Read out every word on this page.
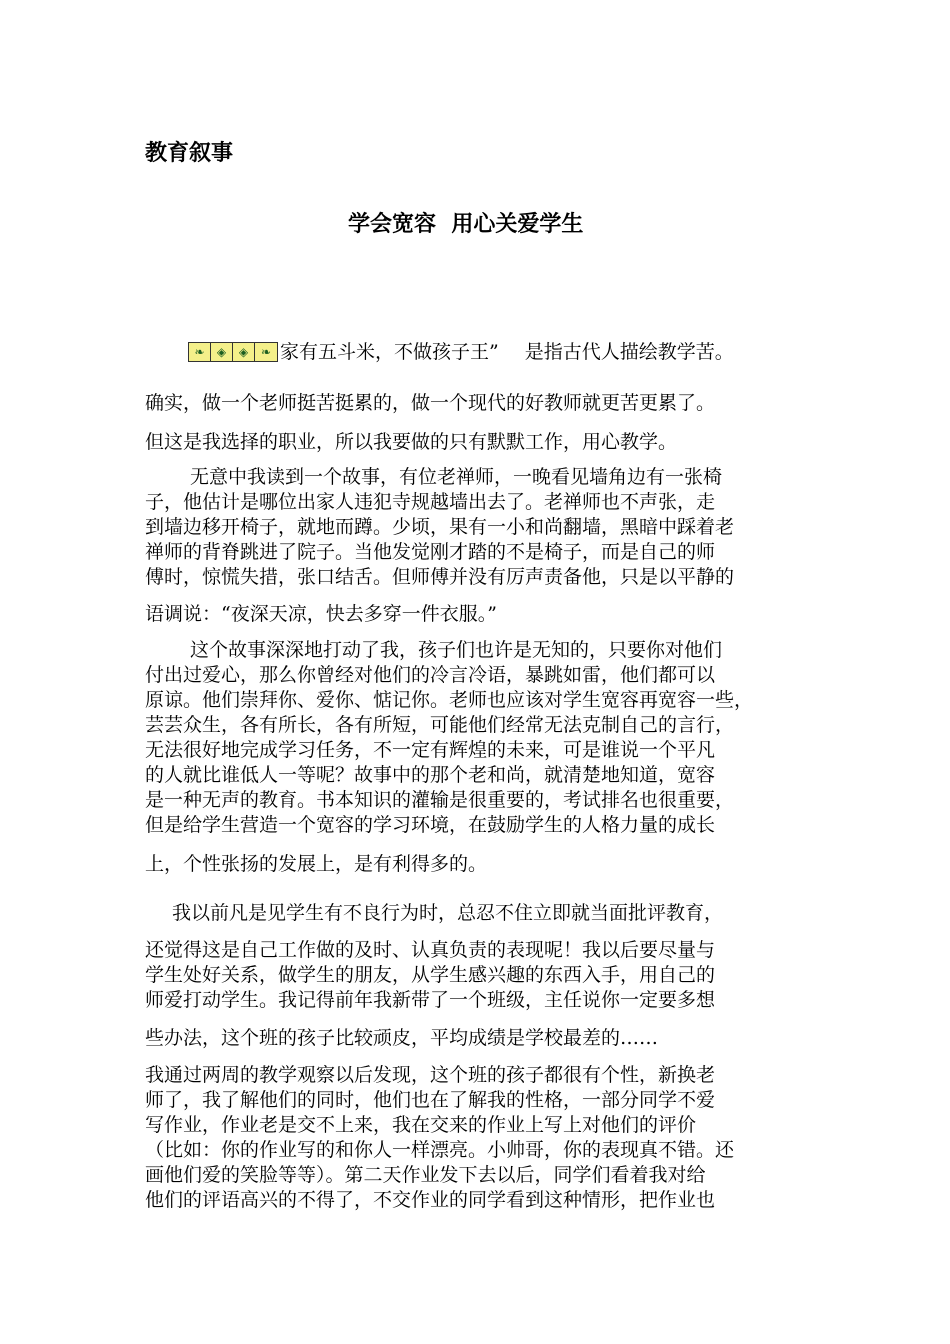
教育叙事
学会宽容  用心关爱学生
❧	◈	◈	❧ 家有五斗米，不做孩子王” 是指古代人描绘教学苦。
确实，做一个老师挺苦挺累的，做一个现代的好教师就更苦更累了。
但这是我选择的职业，所以我要做的只有默默工作，用心教学。
无意中我读到一个故事，有位老禅师，一晚看见墙角边有一张椅
子，他估计是哪位出家人违犯寺规越墙出去了。老禅师也不声张，走
到墙边移开椅子，就地而蹲。少顷，果有一小和尚翻墙，黑暗中踩着老
禅师的背脊跳进了院子。当他发觉刚才踏的不是椅子，而是自己的师
傅时，惊慌失措，张口结舌。但师傅并没有厉声责备他，只是以平静的
语调说：“夜深天凉，快去多穿一件衣服。”
这个故事深深地打动了我，孩子们也许是无知的，只要你对他们
付出过爱心，那么你曾经对他们的冷言冷语，暴跳如雷，他们都可以
原谅。他们崇拜你、爱你、惦记你。老师也应该对学生宽容再宽容一些，
芸芸众生，各有所长，各有所短，可能他们经常无法克制自己的言行，
无法很好地完成学习任务，不一定有辉煌的未来，可是谁说一个平凡
的人就比谁低人一等呢？故事中的那个老和尚，就清楚地知道，宽容
是一种无声的教育。书本知识的灌输是很重要的，考试排名也很重要，
但是给学生营造一个宽容的学习环境，在鼓励学生的人格力量的成长
上，个性张扬的发展上，是有利得多的。
我以前凡是见学生有不良行为时，总忍不住立即就当面批评教育，
还觉得这是自己工作做的及时、认真负责的表现呢！我以后要尽量与
学生处好关系，做学生的朋友，从学生感兴趣的东西入手，用自己的
师爱打动学生。我记得前年我新带了一个班级，主任说你一定要多想
些办法，这个班的孩子比较顽皮，平均成绩是学校最差的……
我通过两周的教学观察以后发现，这个班的孩子都很有个性，新换老
师了，我了解他们的同时，他们也在了解我的性格，一部分同学不爱
写作业，作业老是交不上来，我在交来的作业上写上对他们的评价
（比如：你的作业写的和你人一样漂亮。小帅哥，你的表现真不错。还
画他们爱的笑脸等等）。第二天作业发下去以后，同学们看着我对给
他们的评语高兴的不得了，不交作业的同学看到这种情形，把作业也
